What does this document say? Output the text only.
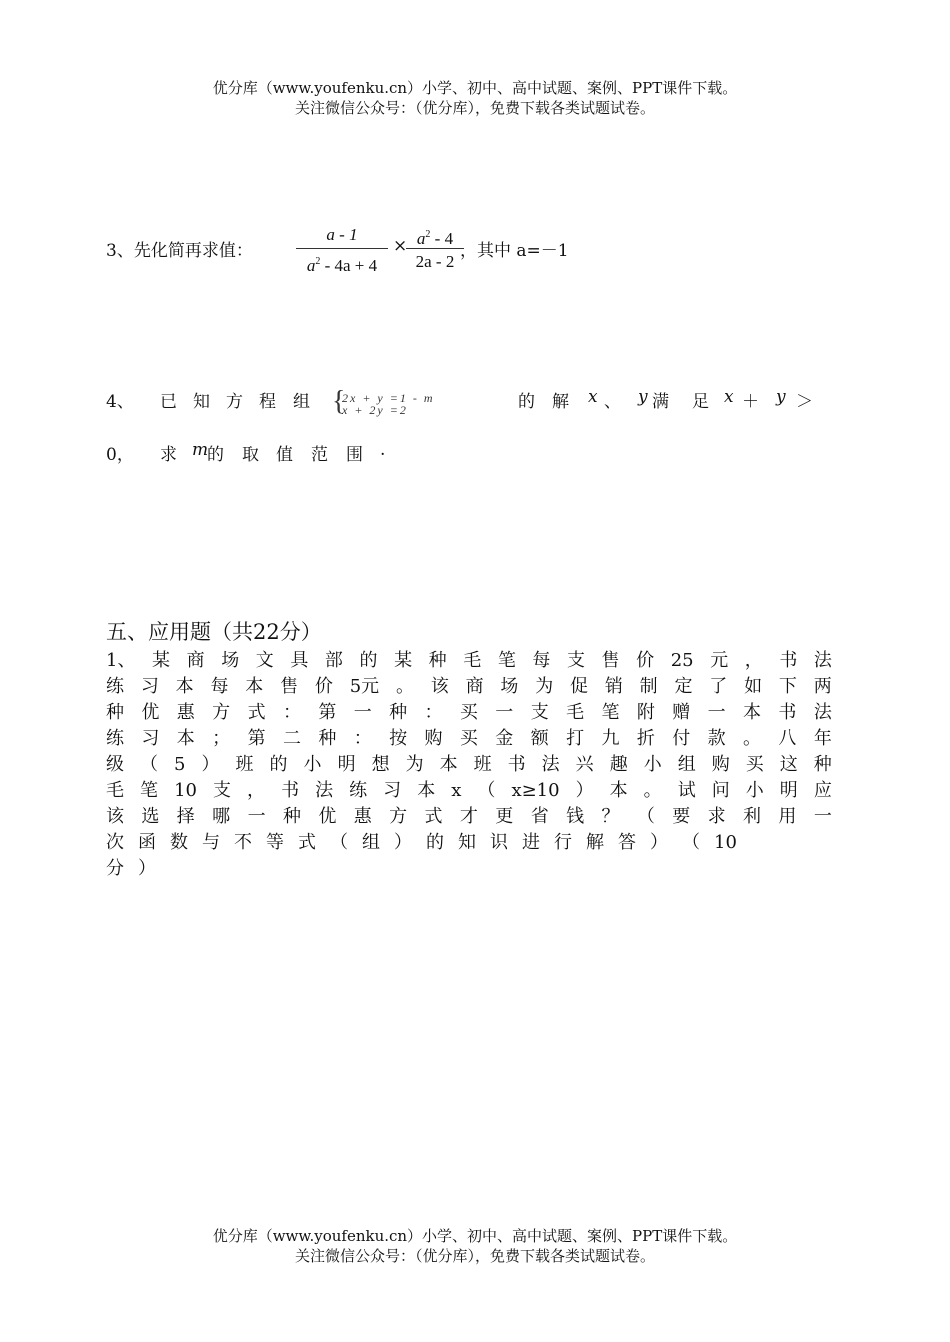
优分库（www.youfenku.cn）小学、初中、高中试题、案例、PPT课件下载。
关注微信公众号：（优分库），免费下载各类试题试卷。
3、先化简再求值：
a - 1
$a^2 - 4a + 4$
× $a^2 - 4$
2a - 2
，其中 a=－1
4、 已 知 方 程 组 {
2x + y =1 - m
x + 2y =2	的 解 x 、 y 满 足 x ＋ y ＞
0， 求 m
的 取 值 范 围 .
五、应用题（共22分）
1、 某 商 场 文 具 部 的 某 种 毛 笔 每 支 售 价 25 元 ， 书 法
练 习 本 每 本 售 价 5元 。 该 商 场 为 促 销 制 定 了 如 下 两
种 优 惠 方 式 ： 第 一 种 ： 买 一 支 毛 笔 附 赠 一 本 书 法
练 习 本 ； 第 二 种 ： 按 购 买 金 额 打 九 折 付 款 。 八 年
级 （ 5 ） 班 的 小 明 想 为 本 班 书 法 兴 趣 小 组 购 买 这 种
毛 笔 10 支 ， 书 法 练 习 本 x （ x≥10 ） 本 。 试 问 小 明 应
该 选 择 哪 一 种 优 惠 方 式 才 更 省 钱 ？ （ 要 求 利 用 一
次 函 数 与 不 等 式 （ 组 ） 的 知 识 进 行 解 答 ） （ 10
分 ）
优分库（www.youfenku.cn）小学、初中、高中试题、案例、PPT课件下载。
关注微信公众号：（优分库），免费下载各类试题试卷。
